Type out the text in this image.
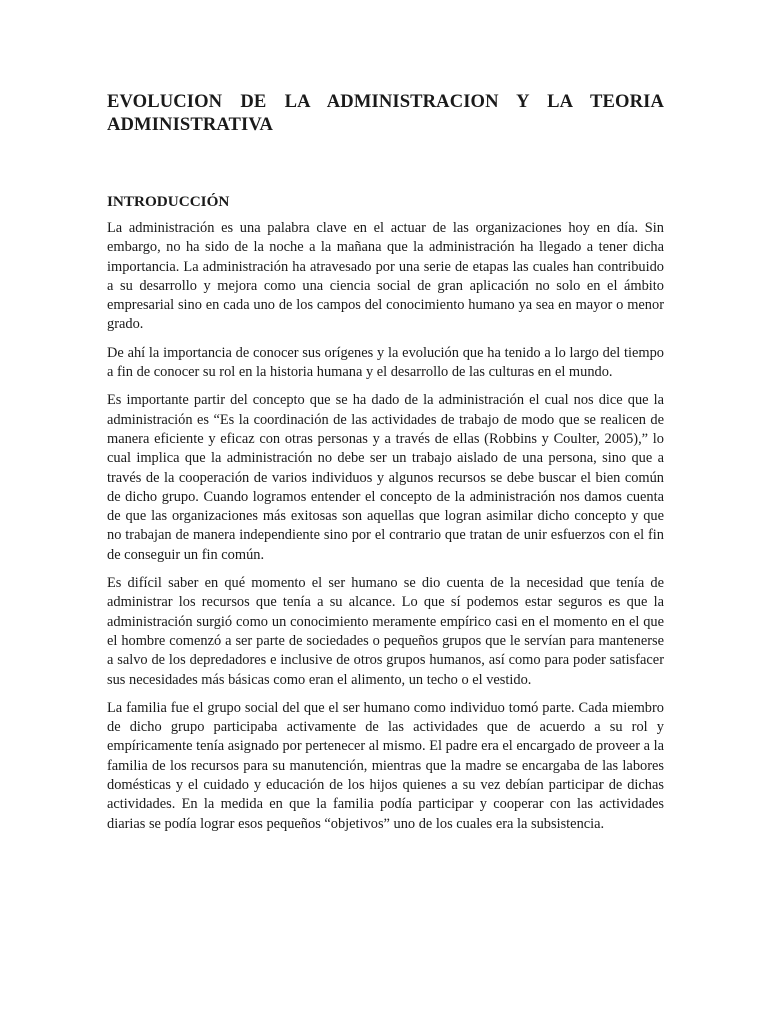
EVOLUCION DE LA ADMINISTRACION Y LA TEORIA
ADMINISTRATIVA
INTRODUCCIÓN

La administración es una palabra clave en el actuar de las organizaciones hoy en día. Sin embargo, no ha sido de la noche a la mañana que la administración ha llegado a tener dicha importancia. La administración ha atravesado por una serie de etapas las cuales han contribuido a su desarrollo y mejora como una ciencia social de gran aplicación no solo en el ámbito empresarial sino en cada uno de los campos del conocimiento humano ya sea en mayor o menor grado.

De ahí la importancia de conocer sus orígenes y la evolución que ha tenido a lo largo del tiempo a fin de conocer su rol en la historia humana y el desarrollo de las culturas en el mundo.

Es importante partir del concepto que se ha dado de la administración el cual nos dice que la administración es “Es la coordinación de las actividades de trabajo de modo que se realicen de manera eficiente y eficaz con otras personas y a través de ellas (Robbins y Coulter, 2005),” lo cual implica que la administración no debe ser un trabajo aislado de una persona, sino que a través de la cooperación de varios individuos y algunos recursos se debe buscar el bien común de dicho grupo. Cuando logramos entender el concepto de la administración nos damos cuenta de que las organizaciones más exitosas son aquellas que logran asimilar dicho concepto y que no trabajan de manera independiente sino por el contrario que tratan de unir esfuerzos con el fin de conseguir un fin común.

Es difícil saber en qué momento el ser humano se dio cuenta de la necesidad que tenía de administrar los recursos que tenía a su alcance. Lo que sí podemos estar seguros es que la administración surgió como un conocimiento meramente empírico casi en el momento en el que el hombre comenzó a ser parte de sociedades o pequeños grupos que le servían para mantenerse a salvo de los depredadores e inclusive de otros grupos humanos, así como para poder satisfacer sus necesidades más básicas como eran el alimento, un techo o el vestido.

La familia fue el grupo social del que el ser humano como individuo tomó parte. Cada miembro de dicho grupo participaba activamente de las actividades que de acuerdo a su rol y empíricamente tenía asignado por pertenecer al mismo. El padre era el encargado de proveer a la familia de los recursos para su manutención, mientras que la madre se encargaba de las labores domésticas y el cuidado y educación de los hijos quienes a su vez debían participar de dichas actividades. En la medida en que la familia podía participar y cooperar con las actividades diarias se podía lograr esos pequeños “objetivos” uno de los cuales era la subsistencia.
